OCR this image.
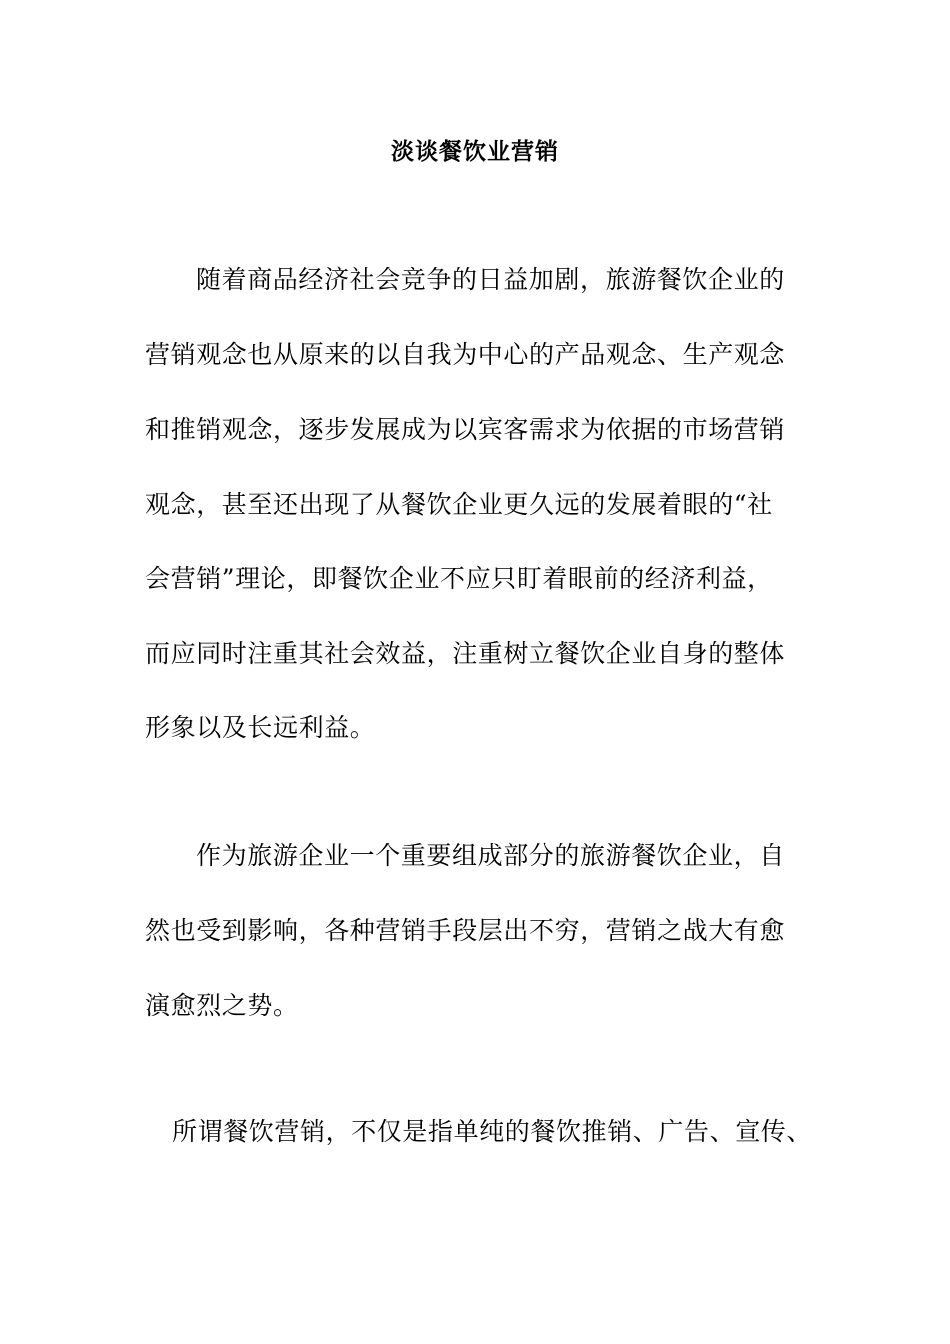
淡谈餐饮业营销
随着商品经济社会竞争的日益加剧，旅游餐饮企业的
营销观念也从原来的以自我为中心的产品观念、生产观念
和推销观念，逐步发展成为以宾客需求为依据的市场营销
观念，甚至还出现了从餐饮企业更久远的发展着眼的“社
会营销”理论，即餐饮企业不应只盯着眼前的经济利益，
而应同时注重其社会效益，注重树立餐饮企业自身的整体
形象以及长远利益。
作为旅游企业一个重要组成部分的旅游餐饮企业，自
然也受到影响，各种营销手段层出不穷，营销之战大有愈
演愈烈之势。
所谓餐饮营销，不仅是指单纯的餐饮推销、广告、宣传、
